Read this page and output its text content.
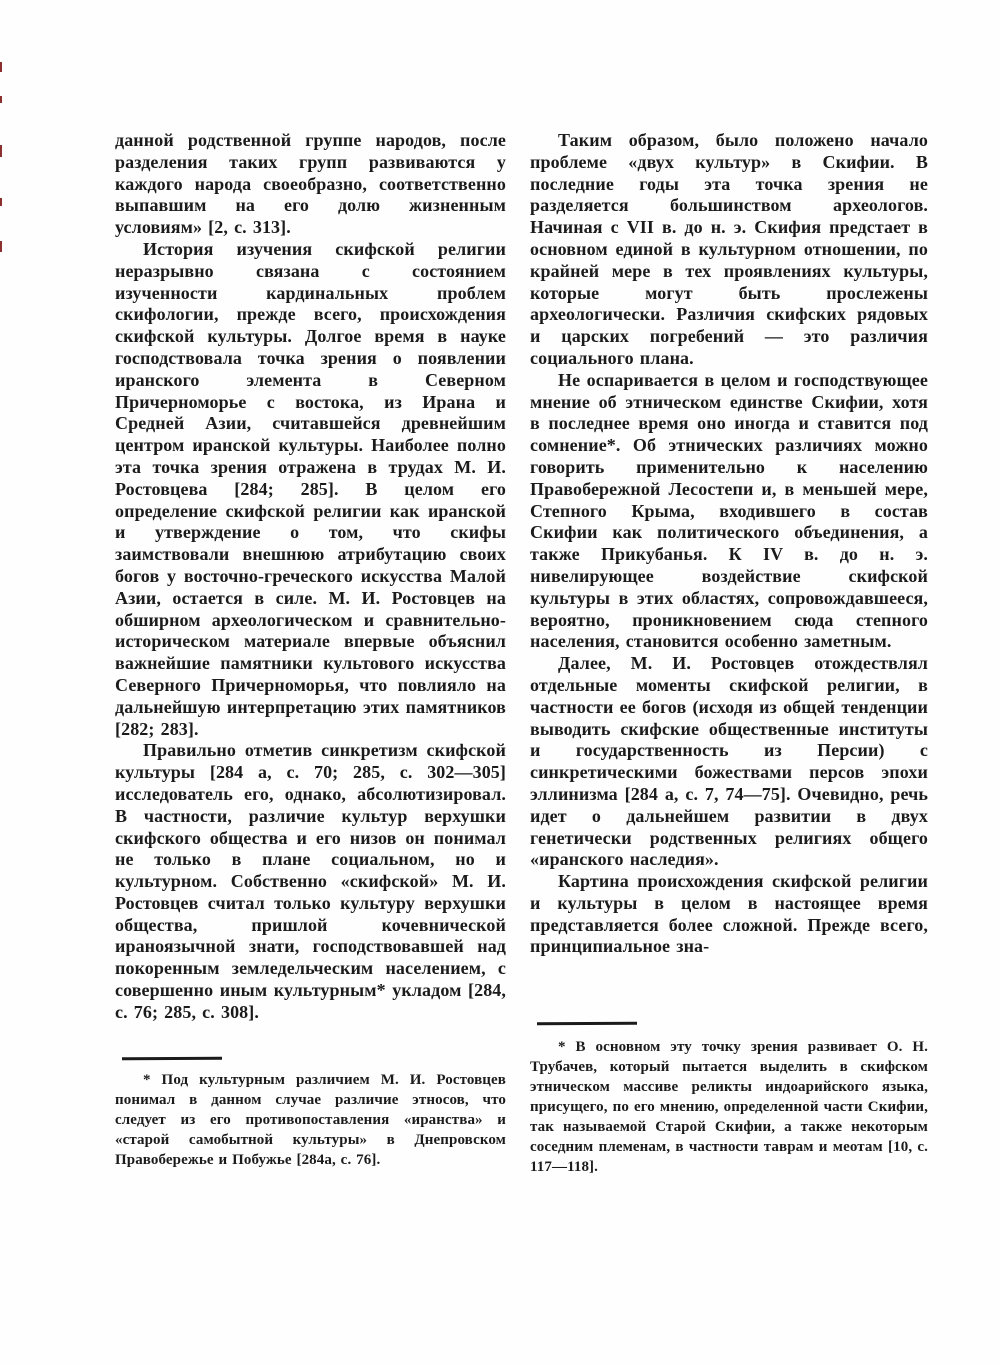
данной родственной группе народов, после разделения таких групп развиваются у каждого народа своеобразно, соответственно выпавшим на его долю жизненным условиям» [2, с. 313].

История изучения скифской религии неразрывно связана с состоянием изученности кардинальных проблем скифологии, прежде всего, происхождения скифской культуры. Долгое время в науке господствовала точка зрения о появлении иранского элемента в Северном Причерноморье с востока, из Ирана и Средней Азии, считавшейся древнейшим центром иранской культуры. Наиболее полно эта точка зрения отражена в трудах М. И. Ростовцева [284; 285]. В целом его определение скифской религии как иранской и утверждение о том, что скифы заимствовали внешнюю атрибутацию своих богов у восточно-греческого искусства Малой Азии, остается в силе. М. И. Ростовцев на обширном археологическом и сравнительно-историческом материале впервые объяснил важнейшие памятники культового искусства Северного Причерноморья, что повлияло на дальнейшую интерпретацию этих памятников [282; 283].

Правильно отметив синкретизм скифской культуры [284 а, с. 70; 285, с. 302—305] исследователь его, однако, абсолютизировал. В частности, различие культур верхушки скифского общества и его низов он понимал не только в плане социальном, но и культурном. Собственно «скифской» М. И. Ростовцев считал только культуру верхушки общества, пришлой кочевнической ираноязычной знати, господствовавшей над покоренным земледельческим населением, с совершенно иным культурным* укладом [284, с. 76; 285, с. 308].

Таким образом, было положено начало проблеме «двух культур» в Скифии. В последние годы эта точка зрения не разделяется большинством археологов. Начиная с VII в. до н. э. Скифия предстает в основном единой в культурном отношении, по крайней мере в тех проявлениях культуры, которые могут быть прослежены археологически. Различия скифских рядовых и царских погребений — это различия социального плана.

Не оспаривается в целом и господствующее мнение об этническом единстве Скифии, хотя в последнее время оно иногда и ставится под сомнение*. Об этнических различиях можно говорить применительно к населению Правобережной Лесостепи и, в меньшей мере, Степного Крыма, входившего в состав Скифии как политического объединения, а также Прикубанья. К IV в. до н. э. нивелирующее воздействие скифской культуры в этих областях, сопровождавшееся, вероятно, проникновением сюда степного населения, становится особенно заметным.

Далее, М. И. Ростовцев отождествлял отдельные моменты скифской религии, в частности ее богов (исходя из общей тенденции выводить скифские общественные институты и государственность из Персии) с синкретическими божествами персов эпохи эллинизма [284 а, с. 7, 74—75]. Очевидно, речь идет о дальнейшем развитии в двух генетически родственных религиях общего «иранского наследия».

Картина происхождения скифской религии и культуры в целом в настоящее время представляется более сложной. Прежде всего, принципиальное зна-

* Под культурным различием М. И. Ростовцев понимал в данном случае различие этносов, что следует из его противопоставления «иранства» и «старой самобытной культуры» в Днепровском Правобережье и Побужье [284а, с. 76].

* В основном эту точку зрения развивает О. Н. Трубачев, который пытается выделить в скифском этническом массиве реликты индоарийского языка, присущего, по его мнению, определенной части Скифии, так называемой Старой Скифии, а также некоторым соседним племенам, в частности таврам и меотам [10, с. 117—118].
